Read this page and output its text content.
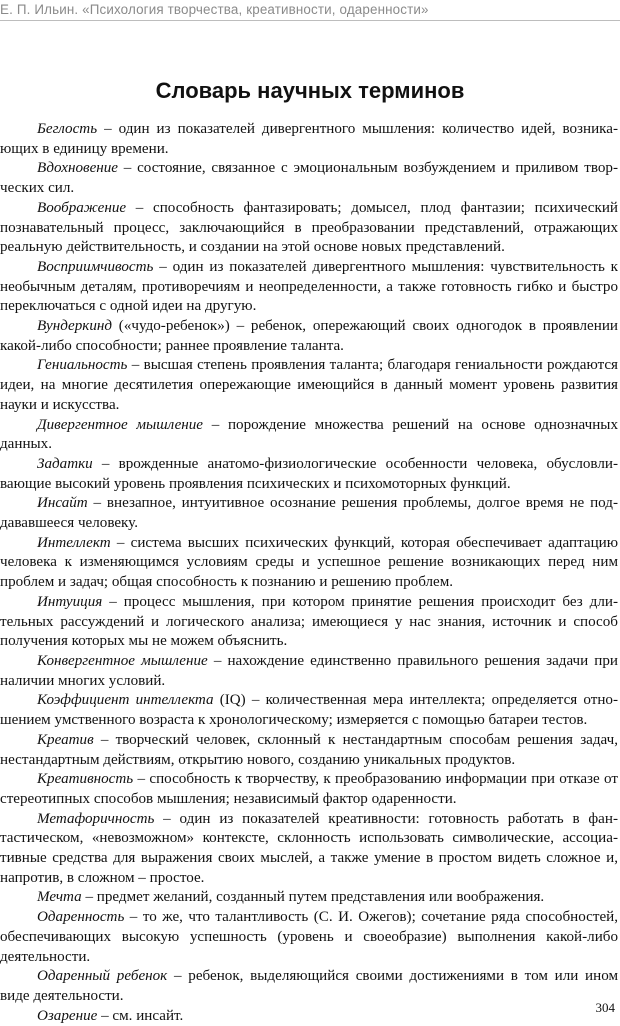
Е. П. Ильин. «Психология творчества, креативности, одаренности»
Словарь научных терминов

Беглость – один из показателей дивергентного мышления: количество идей, возникающих в единицу времени.

Вдохновение – состояние, связанное с эмоциональным возбуждением и приливом творческих сил.

Воображение – способность фантазировать; домысел, плод фантазии; психический познавательный процесс, заключающийся в преобразовании представлений, отражающих реальную действительность, и создании на этой основе новых представлений.

Восприимчивость – один из показателей дивергентного мышления: чувствительность к необычным деталям, противоречиям и неопределенности, а также готовность гибко и быстро переключаться с одной идеи на другую.

Вундеркинд («чудо-ребенок») – ребенок, опережающий своих одногодок в проявлении какой-либо способности; раннее проявление таланта.

Гениальность – высшая степень проявления таланта; благодаря гениальности рождаются идеи, на многие десятилетия опережающие имеющийся в данный момент уровень развития науки и искусства.

Дивергентное мышление – порождение множества решений на основе однозначных данных.

Задатки – врожденные анатомо-физиологические особенности человека, обусловливающие высокий уровень проявления психических и психомоторных функций.

Инсайт – внезапное, интуитивное осознание решения проблемы, долгое время не поддававшееся человеку.

Интеллект – система высших психических функций, которая обеспечивает адаптацию человека к изменяющимся условиям среды и успешное решение возникающих перед ним проблем и задач; общая способность к познанию и решению проблем.

Интуиция – процесс мышления, при котором принятие решения происходит без длительных рассуждений и логического анализа; имеющиеся у нас знания, источник и способ получения которых мы не можем объяснить.

Конвергентное мышление – нахождение единственно правильного решения задачи при наличии многих условий.

Коэффициент интеллекта (IQ) – количественная мера интеллекта; определяется отношением умственного возраста к хронологическому; измеряется с помощью батареи тестов.

Креатив – творческий человек, склонный к нестандартным способам решения задач, нестандартным действиям, открытию нового, созданию уникальных продуктов.

Креативность – способность к творчеству, к преобразованию информации при отказе от стереотипных способов мышления; независимый фактор одаренности.

Метафоричность – один из показателей креативности: готовность работать в фантастическом, «невозможном» контексте, склонность использовать символические, ассоциативные средства для выражения своих мыслей, а также умение в простом видеть сложное и, напротив, в сложном – простое.

Мечта – предмет желаний, созданный путем представления или воображения.

Одаренность – то же, что талантливость (С. И. Ожегов); сочетание ряда способностей, обеспечивающих высокую успешность (уровень и своеобразие) выполнения какой-либо деятельности.

Одаренный ребенок – ребенок, выделяющийся своими достижениями в том или ином виде деятельности.

Озарение – см. инсайт.

304
